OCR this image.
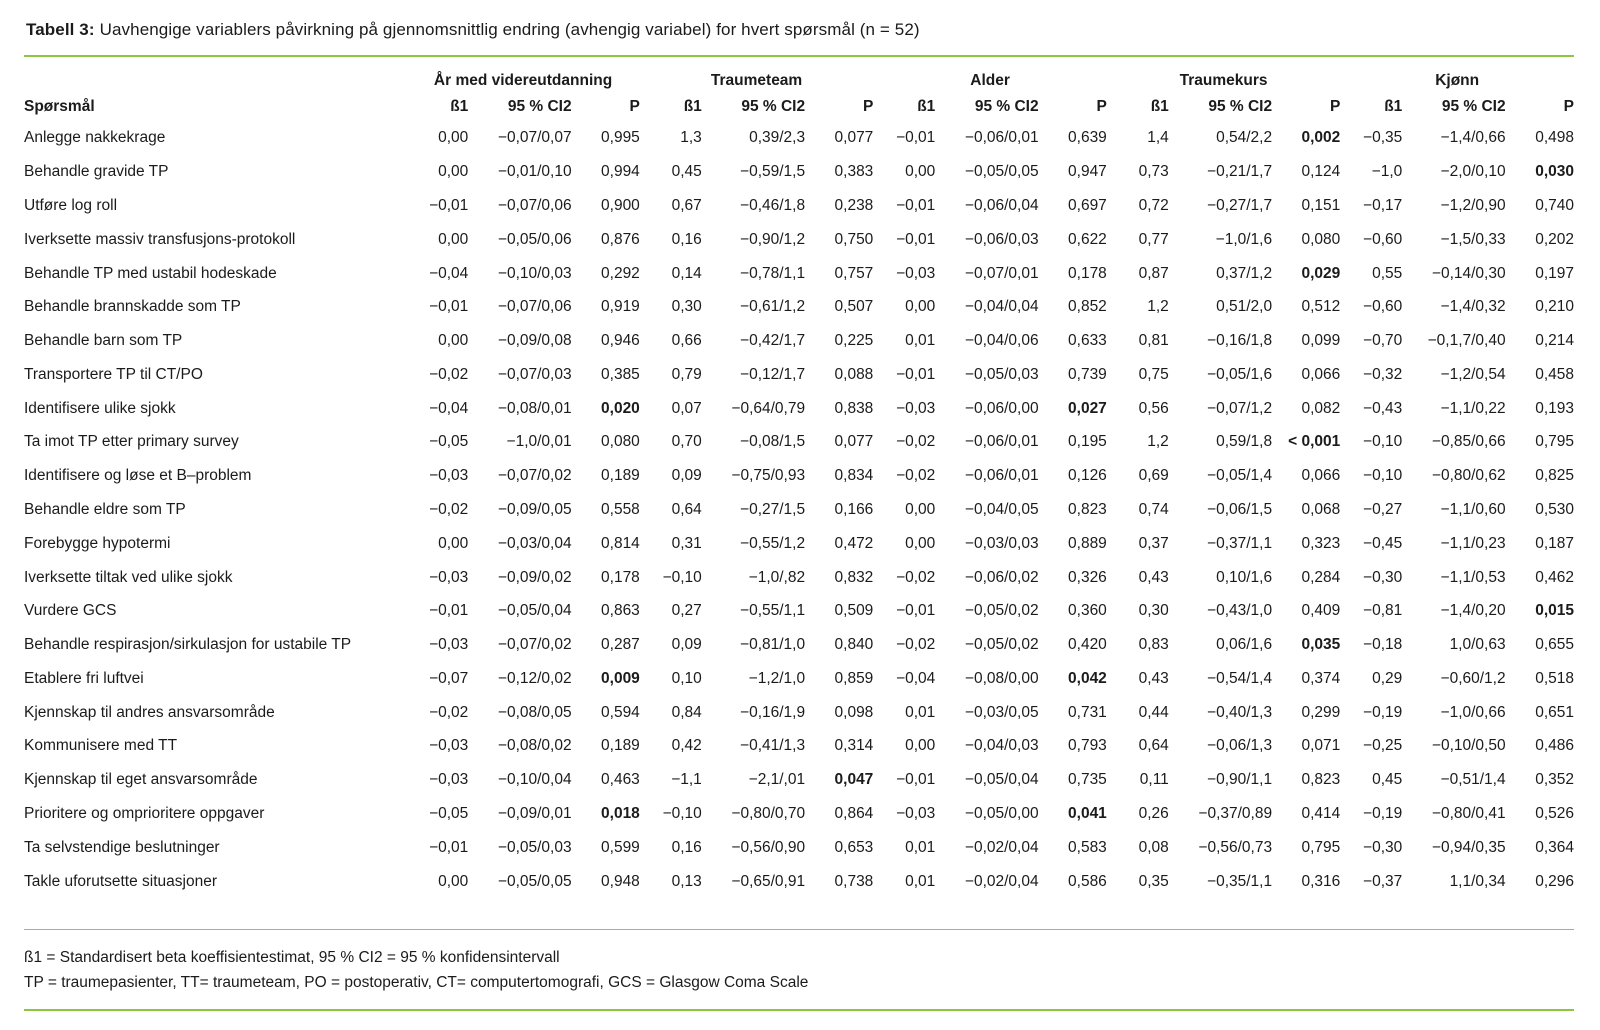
Tabell 3: Uavhengige variablers påvirkning på gjennomsnittlig endring (avhengig variabel) for hvert spørsmål (n = 52)
	År med videreutdanning			Traumeteam			Alder			Traumekurs			Kjønn		
Spørsmål	ß1	95 % CI2	P	ß1	95 % CI2	P	ß1	95 % CI2	P	ß1	95 % CI2	P	ß1	95 % CI2	P
Anlegge nakkekrage	0,00	−0,07/0,07	0,995	1,3	0,39/2,3	0,077	−0,01	−0,06/0,01	0,639	1,4	0,54/2,2	0,002	−0,35	−1,4/0,66	0,498
Behandle gravide TP	0,00	−0,01/0,10	0,994	0,45	−0,59/1,5	0,383	0,00	−0,05/0,05	0,947	0,73	−0,21/1,7	0,124	−1,0	−2,0/0,10	0,030
Utføre log roll	−0,01	−0,07/0,06	0,900	0,67	−0,46/1,8	0,238	−0,01	−0,06/0,04	0,697	0,72	−0,27/1,7	0,151	−0,17	−1,2/0,90	0,740
Iverksette massiv transfusjons-protokoll	0,00	−0,05/0,06	0,876	0,16	−0,90/1,2	0,750	−0,01	−0,06/0,03	0,622	0,77	−1,0/1,6	0,080	−0,60	−1,5/0,33	0,202
Behandle TP med ustabil hodeskade	−0,04	−0,10/0,03	0,292	0,14	−0,78/1,1	0,757	−0,03	−0,07/0,01	0,178	0,87	0,37/1,2	0,029	0,55	−0,14/0,30	0,197
Behandle brannskadde som TP	−0,01	−0,07/0,06	0,919	0,30	−0,61/1,2	0,507	0,00	−0,04/0,04	0,852	1,2	0,51/2,0	0,512	−0,60	−1,4/0,32	0,210
Behandle barn som TP	0,00	−0,09/0,08	0,946	0,66	−0,42/1,7	0,225	0,01	−0,04/0,06	0,633	0,81	−0,16/1,8	0,099	−0,70	−0,1,7/0,40	0,214
Transportere TP til CT/PO	−0,02	−0,07/0,03	0,385	0,79	−0,12/1,7	0,088	−0,01	−0,05/0,03	0,739	0,75	−0,05/1,6	0,066	−0,32	−1,2/0,54	0,458
Identifisere ulike sjokk	−0,04	−0,08/0,01	0,020	0,07	−0,64/0,79	0,838	−0,03	−0,06/0,00	0,027	0,56	−0,07/1,2	0,082	−0,43	−1,1/0,22	0,193
Ta imot TP etter primary survey	−0,05	−1,0/0,01	0,080	0,70	−0,08/1,5	0,077	−0,02	−0,06/0,01	0,195	1,2	0,59/1,8	< 0,001	−0,10	−0,85/0,66	0,795
Identifisere og løse et B–problem	−0,03	−0,07/0,02	0,189	0,09	−0,75/0,93	0,834	−0,02	−0,06/0,01	0,126	0,69	−0,05/1,4	0,066	−0,10	−0,80/0,62	0,825
Behandle eldre som TP	−0,02	−0,09/0,05	0,558	0,64	−0,27/1,5	0,166	0,00	−0,04/0,05	0,823	0,74	−0,06/1,5	0,068	−0,27	−1,1/0,60	0,530
Forebygge hypotermi	0,00	−0,03/0,04	0,814	0,31	−0,55/1,2	0,472	0,00	−0,03/0,03	0,889	0,37	−0,37/1,1	0,323	−0,45	−1,1/0,23	0,187
Iverksette tiltak ved ulike sjokk	−0,03	−0,09/0,02	0,178	−0,10	−1,0/,82	0,832	−0,02	−0,06/0,02	0,326	0,43	0,10/1,6	0,284	−0,30	−1,1/0,53	0,462
Vurdere GCS	−0,01	−0,05/0,04	0,863	0,27	−0,55/1,1	0,509	−0,01	−0,05/0,02	0,360	0,30	−0,43/1,0	0,409	−0,81	−1,4/0,20	0,015
Behandle respirasjon/sirkulasjon for ustabile TP	−0,03	−0,07/0,02	0,287	0,09	−0,81/1,0	0,840	−0,02	−0,05/0,02	0,420	0,83	0,06/1,6	0,035	−0,18	1,0/0,63	0,655
Etablere fri luftvei	−0,07	−0,12/0,02	0,009	0,10	−1,2/1,0	0,859	−0,04	−0,08/0,00	0,042	0,43	−0,54/1,4	0,374	0,29	−0,60/1,2	0,518
Kjennskap til andres ansvarsområde	−0,02	−0,08/0,05	0,594	0,84	−0,16/1,9	0,098	0,01	−0,03/0,05	0,731	0,44	−0,40/1,3	0,299	−0,19	−1,0/0,66	0,651
Kommunisere med TT	−0,03	−0,08/0,02	0,189	0,42	−0,41/1,3	0,314	0,00	−0,04/0,03	0,793	0,64	−0,06/1,3	0,071	−0,25	−0,10/0,50	0,486
Kjennskap til eget ansvarsområde	−0,03	−0,10/0,04	0,463	−1,1	−2,1/,01	0,047	−0,01	−0,05/0,04	0,735	0,11	−0,90/1,1	0,823	0,45	−0,51/1,4	0,352
Prioritere og omprioritere oppgaver	−0,05	−0,09/0,01	0,018	−0,10	−0,80/0,70	0,864	−0,03	−0,05/0,00	0,041	0,26	−0,37/0,89	0,414	−0,19	−0,80/0,41	0,526
Ta selvstendige beslutninger	−0,01	−0,05/0,03	0,599	0,16	−0,56/0,90	0,653	0,01	−0,02/0,04	0,583	0,08	−0,56/0,73	0,795	−0,30	−0,94/0,35	0,364
Takle uforutsette situasjoner	0,00	−0,05/0,05	0,948	0,13	−0,65/0,91	0,738	0,01	−0,02/0,04	0,586	0,35	−0,35/1,1	0,316	−0,37	1,1/0,34	0,296
ß1 = Standardisert beta koeffisientestimat, 95 % CI2 = 95 % konfidensintervall
TP = traumepasienter, TT= traumeteam, PO = postoperativ, CT= computertomografi, GCS = Glasgow Coma Scale
